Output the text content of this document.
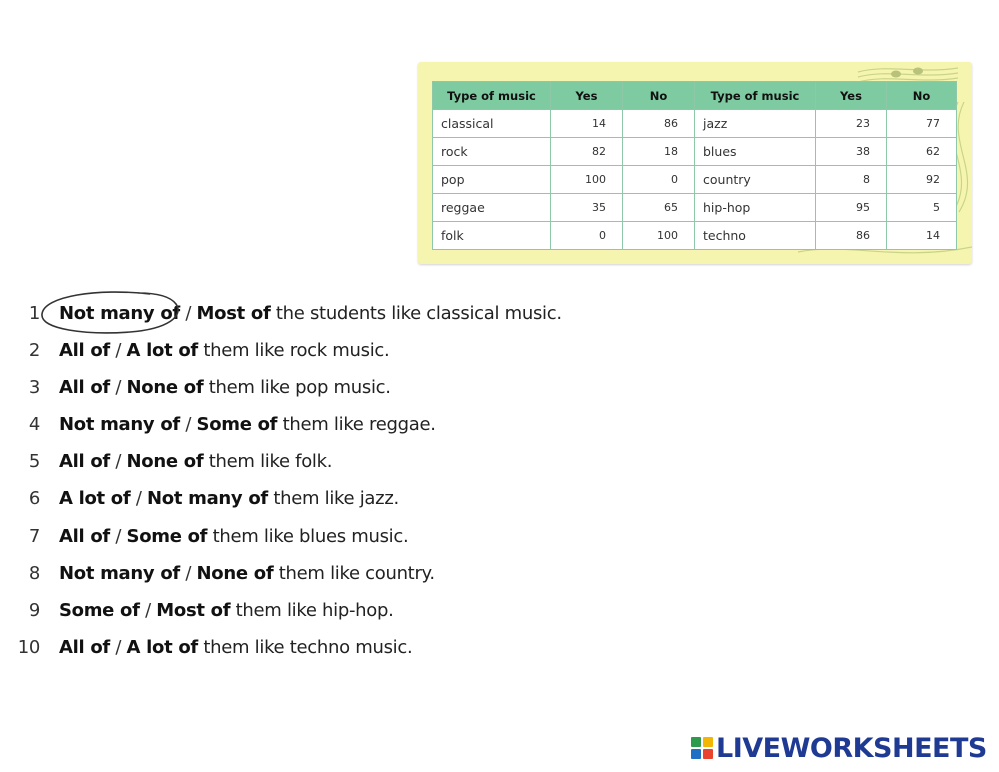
Type of music	Yes	No	Type of music	Yes	No
classical	14	86	jazz	23	77
rock	82	18	blues	38	62
pop	100	0	country	8	92
reggae	35	65	hip-hop	95	5
folk	0	100	techno	86	14
1 Not many of / Most of the students like classical music.
2 All of / A lot of them like rock music.
3 All of / None of them like pop music.
4 Not many of / Some of them like reggae.
5 All of / None of them like folk.
6 A lot of / Not many of them like jazz.
7 All of / Some of them like blues music.
8 Not many of / None of them like country.
9 Some of / Most of them like hip-hop.
10 All of / A lot of them like techno music.
LIVEWORKSHEETS
